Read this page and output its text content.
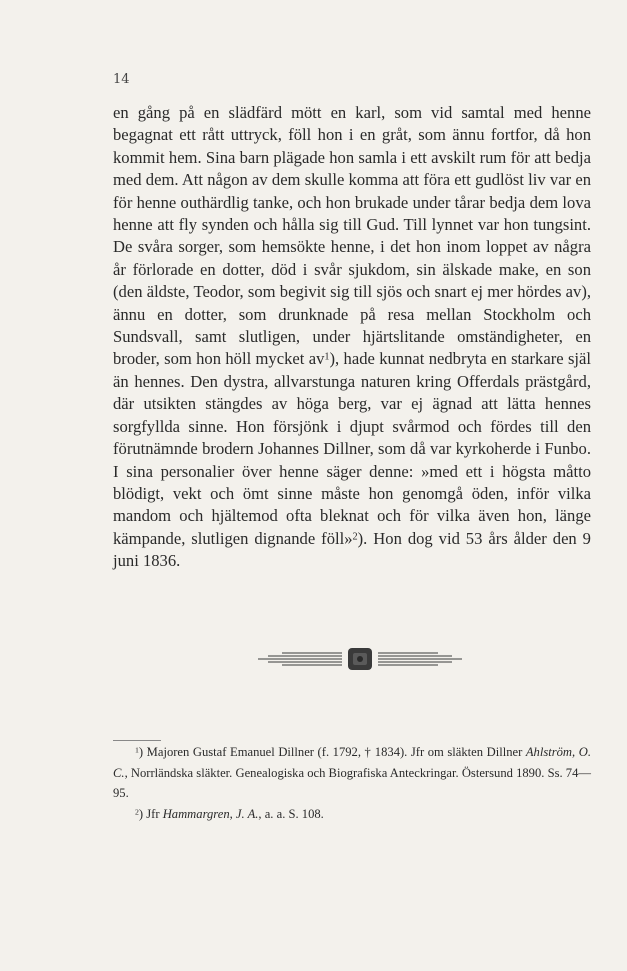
14
en gång på en slädfärd mött en karl, som vid samtal med henne begagnat ett rått uttryck, föll hon i en gråt, som ännu fortfor, då hon kommit hem. Sina barn plägade hon samla i ett avskilt rum för att bedja med dem. Att någon av dem skulle komma att föra ett gudlöst liv var en för henne outhärdlig tanke, och hon brukade under tårar bedja dem lova henne att fly synden och hålla sig till Gud. Till lynnet var hon tungsint. De svåra sorger, som hemsökte henne, i det hon inom loppet av några år förlorade en dotter, död i svår sjukdom, sin älskade make, en son (den äldste, Teodor, som begivit sig till sjös och snart ej mer hördes av), ännu en dotter, som drunknade på resa mellan Stockholm och Sundsvall, samt slutligen, under hjärtslitande omständigheter, en broder, som hon höll mycket $av^1$), hade kunnat nedbryta en starkare själ än hennes. Den dystra, allvarstunga naturen kring Offerdals prästgård, där utsikten stängdes av höga berg, var ej ägnad att lätta hennes sorgfyllda sinne. Hon försjönk i djupt svårmod och fördes till den förutnämnde brodern Johannes Dillner, som då var kyrkoherde i Funbo. I sina personalier över henne säger denne: »med ett i högsta måtto blödigt, vekt och ömt sinne måste hon genomgå öden, inför vilka mandom och hjältemod ofta bleknat och för vilka även hon, länge kämpande, slutligen dignande föll»$^2$). Hon dog vid 53 års ålder den 9 juni 1836.

$^1$) Majoren Gustaf Emanuel Dillner (f. 1792, † 1834). Jfr om släkten Dillner Ahlström, O. C., Norrländska släkter. Genealogiska och Biografiska Anteckringar. Östersund 1890. Ss. 74—95.

$^2$) Jfr Hammargren, J. A., a. a. S. 108.
